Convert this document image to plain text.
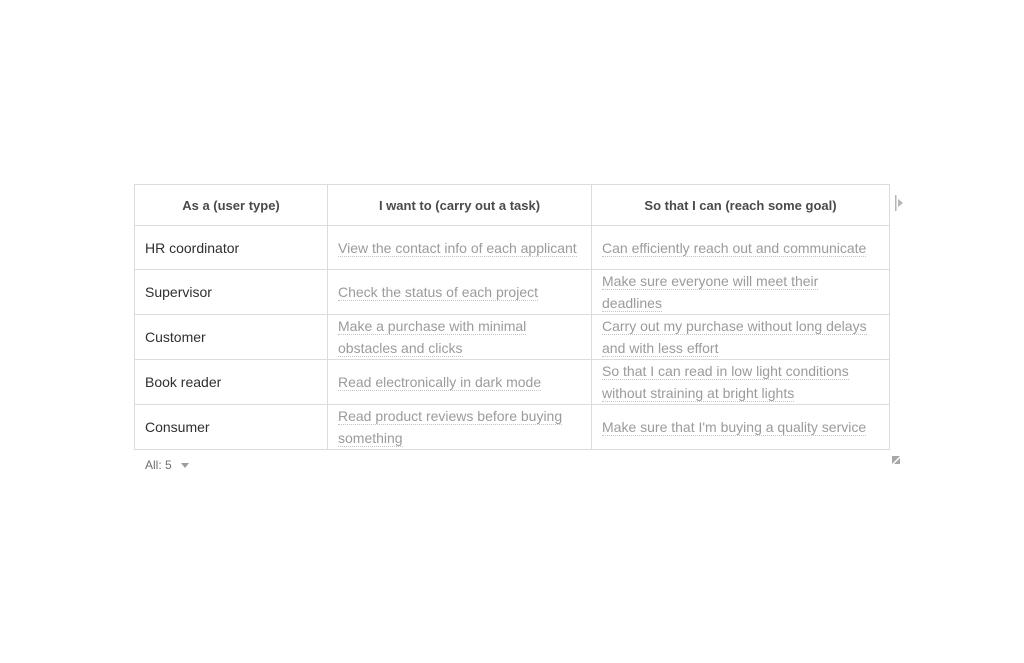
As a (user type)	I want to (carry out a task)	So that I can (reach some goal)
HR coordinator	View the contact info of each applicant	Can efficiently reach out and communicate
Supervisor	Check the status of each project	Make sure everyone will meet their deadlines
Customer	Make a purchase with minimal obstacles and clicks	Carry out my purchase without long delays and with less effort
Book reader	Read electronically in dark mode	So that I can read in low light conditions without straining at bright lights
Consumer	Read product reviews before buying something	Make sure that I'm buying a quality service
All: 5
